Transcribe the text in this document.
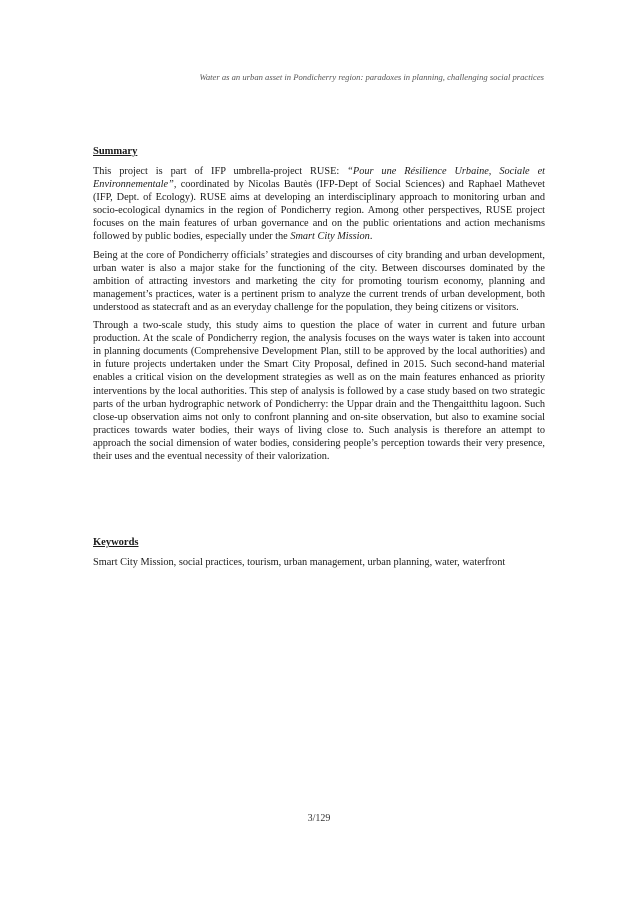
Water as an urban asset in Pondicherry region: paradoxes in planning, challenging social practices
Summary

This project is part of IFP umbrella-project RUSE: “Pour une Résilience Urbaine, Sociale et Environnementale”, coordinated by Nicolas Bautès (IFP-Dept of Social Sciences) and Raphael Mathevet (IFP, Dept. of Ecology). RUSE aims at developing an interdisciplinary approach to monitoring urban and socio-ecological dynamics in the region of Pondicherry region. Among other perspectives, RUSE project focuses on the main features of urban governance and on the public orientations and action mechanisms followed by public bodies, especially under the Smart City Mission.

Being at the core of Pondicherry officials’ strategies and discourses of city branding and urban development, urban water is also a major stake for the functioning of the city. Between discourses dominated by the ambition of attracting investors and marketing the city for promoting tourism economy, planning and management’s practices, water is a pertinent prism to analyze the current trends of urban development, both understood as statecraft and as an everyday challenge for the population, they being citizens or visitors.

Through a two-scale study, this study aims to question the place of water in current and future urban production. At the scale of Pondicherry region, the analysis focuses on the ways water is taken into account in planning documents (Comprehensive Development Plan, still to be approved by the local authorities) and in future projects undertaken under the Smart City Proposal, defined in 2015. Such second-hand material enables a critical vision on the development strategies as well as on the main features enhanced as priority interventions by the local authorities. This step of analysis is followed by a case study based on two strategic parts of the urban hydrographic network of Pondicherry: the Uppar drain and the Thengaitthitu lagoon. Such close-up observation aims not only to confront planning and on-site observation, but also to examine social practices towards water bodies, their ways of living close to. Such analysis is therefore an attempt to approach the social dimension of water bodies, considering people’s perception towards their very presence, their uses and the eventual necessity of their valorization.

Keywords

Smart City Mission, social practices, tourism, urban management, urban planning, water, waterfront

3/129
